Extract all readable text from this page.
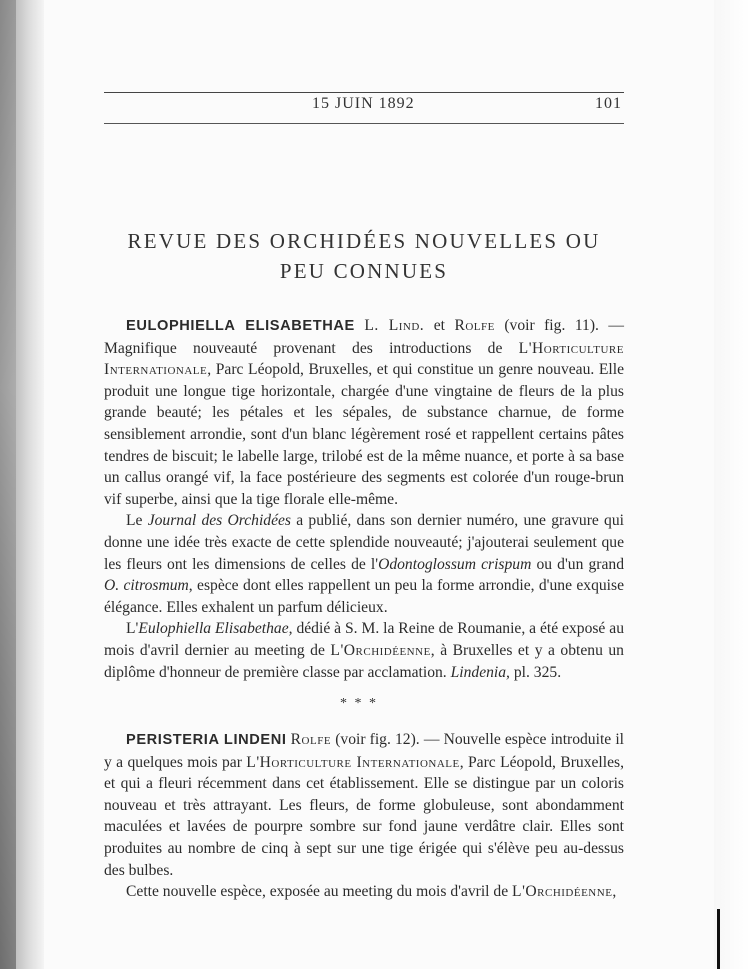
15 JUIN 1892	101
REVUE DES ORCHIDÉES NOUVELLES OU
PEU CONNUES

EULOPHIELLA ELISABETHAE L. Lind. et Rolfe (voir fig. 11). — Magnifique nouveauté provenant des introductions de L'Horticulture Internationale, Parc Léopold, Bruxelles, et qui constitue un genre nouveau. Elle produit une longue tige horizontale, chargée d'une vingtaine de fleurs de la plus grande beauté; les pétales et les sépales, de substance charnue, de forme sensiblement arrondie, sont d'un blanc légèrement rosé et rappellent certains pâtes tendres de biscuit; le labelle large, trilobé est de la même nuance, et porte à sa base un callus orangé vif, la face postérieure des segments est colorée d'un rouge-brun vif superbe, ainsi que la tige florale elle-même.

Le Journal des Orchidées a publié, dans son dernier numéro, une gravure qui donne une idée très exacte de cette splendide nouveauté; j'ajouterai seulement que les fleurs ont les dimensions de celles de l'Odontoglossum crispum ou d'un grand O. citrosmum, espèce dont elles rappellent un peu la forme arrondie, d'une exquise élégance. Elles exhalent un parfum délicieux.

L'Eulophiella Elisabethae, dédié à S. M. la Reine de Roumanie, a été exposé au mois d'avril dernier au meeting de L'Orchidéenne, à Bruxelles et y a obtenu un diplôme d'honneur de première classe par acclamation. Lindenia, pl. 325.

* * *

PERISTERIA LINDENI Rolfe (voir fig. 12). — Nouvelle espèce introduite il y a quelques mois par L'Horticulture Internationale, Parc Léopold, Bruxelles, et qui a fleuri récemment dans cet établissement. Elle se distingue par un coloris nouveau et très attrayant. Les fleurs, de forme globuleuse, sont abondamment maculées et lavées de pourpre sombre sur fond jaune verdâtre clair. Elles sont produites au nombre de cinq à sept sur une tige érigée qui s'élève peu au-dessus des bulbes.

Cette nouvelle espèce, exposée au meeting du mois d'avril de L'Orchidéenne,
